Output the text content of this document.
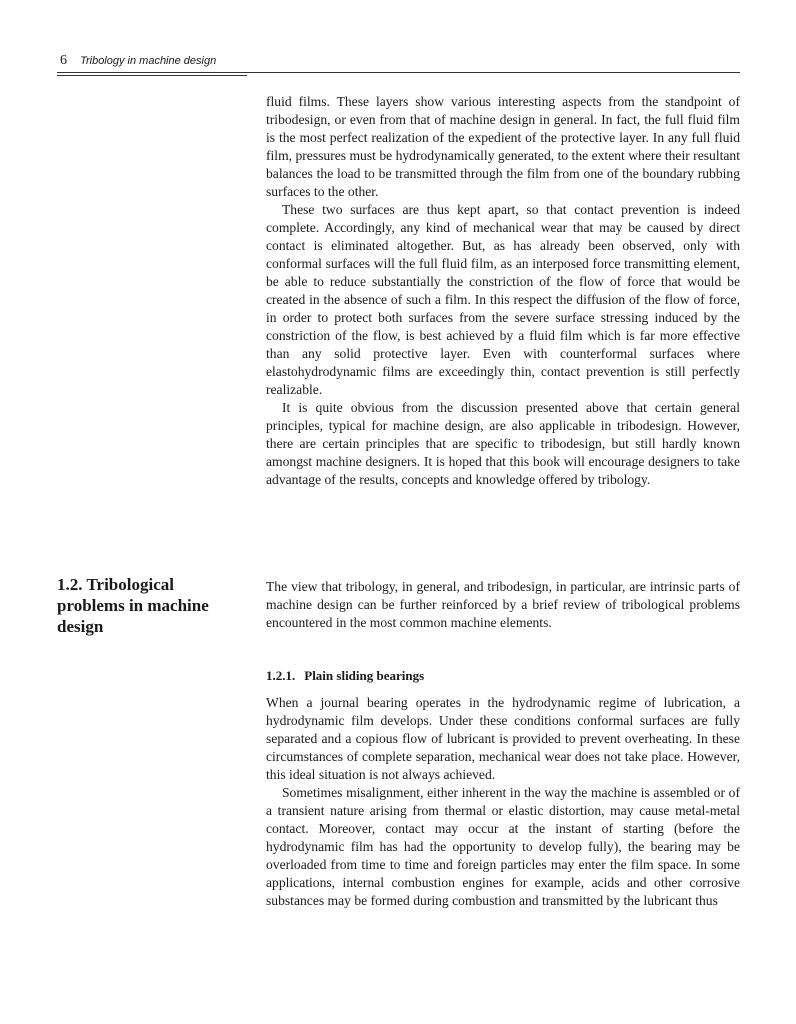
6 Tribology in machine design

fluid films. These layers show various interesting aspects from the standpoint of tribodesign, or even from that of machine design in general. In fact, the full fluid film is the most perfect realization of the expedient of the protective layer. In any full fluid film, pressures must be hydrodynamically generated, to the extent where their resultant balances the load to be transmitted through the film from one of the boundary rubbing surfaces to the other.

These two surfaces are thus kept apart, so that contact prevention is indeed complete. Accordingly, any kind of mechanical wear that may be caused by direct contact is eliminated altogether. But, as has already been observed, only with conformal surfaces will the full fluid film, as an interposed force transmitting element, be able to reduce substantially the constriction of the flow of force that would be created in the absence of such a film. In this respect the diffusion of the flow of force, in order to protect both surfaces from the severe surface stressing induced by the constriction of the flow, is best achieved by a fluid film which is far more effective than any solid protective layer. Even with counterformal surfaces where elastohydrodynamic films are exceedingly thin, contact prevention is still perfectly realizable.

It is quite obvious from the discussion presented above that certain general principles, typical for machine design, are also applicable in tribodesign. However, there are certain principles that are specific to tribodesign, but still hardly known amongst machine designers. It is hoped that this book will encourage designers to take advantage of the results, concepts and knowledge offered by tribology.

1.2. Tribological problems in machine design

The view that tribology, in general, and tribodesign, in particular, are intrinsic parts of machine design can be further reinforced by a brief review of tribological problems encountered in the most common machine elements.

1.2.1. Plain sliding bearings

When a journal bearing operates in the hydrodynamic regime of lubrication, a hydrodynamic film develops. Under these conditions conformal surfaces are fully separated and a copious flow of lubricant is provided to prevent overheating. In these circumstances of complete separation, mechanical wear does not take place. However, this ideal situation is not always achieved.

Sometimes misalignment, either inherent in the way the machine is assembled or of a transient nature arising from thermal or elastic distortion, may cause metal-metal contact. Moreover, contact may occur at the instant of starting (before the hydrodynamic film has had the opportunity to develop fully), the bearing may be overloaded from time to time and foreign particles may enter the film space. In some applications, internal combustion engines for example, acids and other corrosive substances may be formed during combustion and transmitted by the lubricant thus
